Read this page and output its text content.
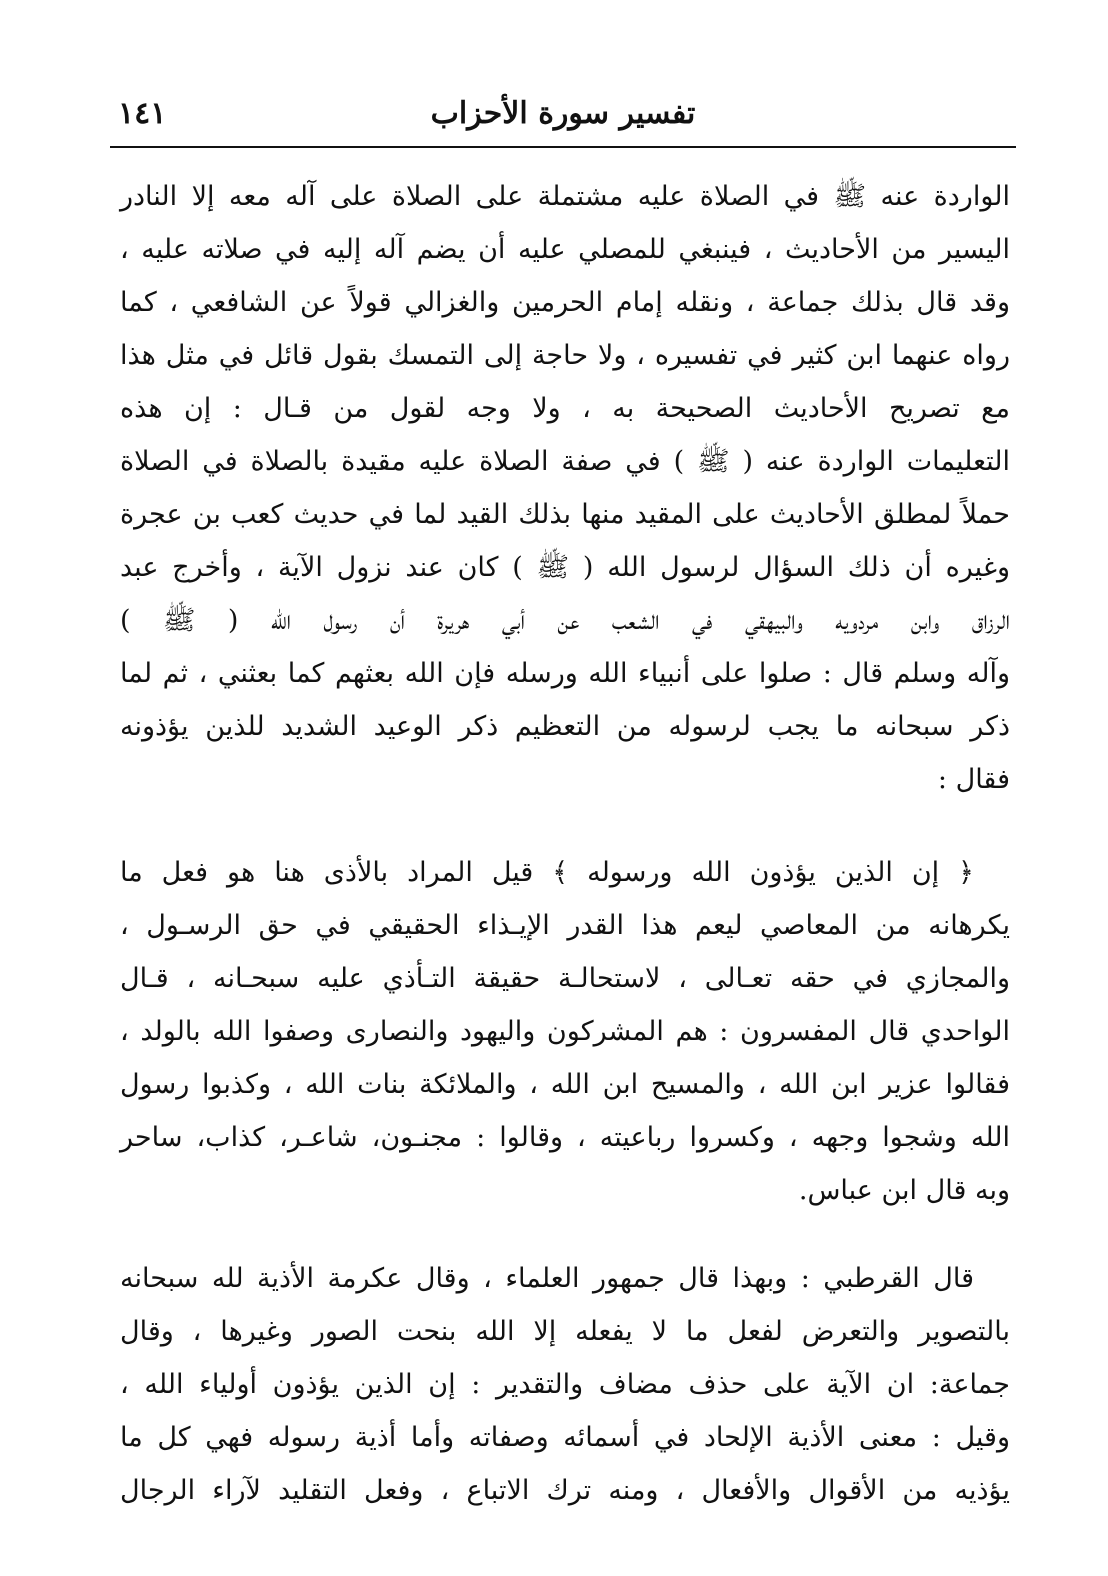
تفسير سورة الأحزاب
١٤١
الواردة عنه ﷺ في الصلاة عليه مشتملة على الصلاة على آله معه إلا النادر
اليسير من الأحاديث ، فينبغي للمصلي عليه أن يضم آله إليه في صلاته عليه ،
وقد قال بذلك جماعة ، ونقله إمام الحرمين والغزالي قولاً عن الشافعي ، كما
رواه عنهما ابن كثير في تفسيره ، ولا حاجة إلى التمسك بقول قائل في مثل هذا
مع تصريح الأحاديث الصحيحة به ، ولا وجه لقول من قـال : إن هذه
التعليمات الواردة عنه ( ﷺ ) في صفة الصلاة عليه مقيدة بالصلاة في الصلاة
حملاً لمطلق الأحاديث على المقيد منها بذلك القيد لما في حديث كعب بن عجرة
وغيره أن ذلك السؤال لرسول الله ( ﷺ ) كان عند نزول الآية ، وأخرج عبد
الرزاق وابن مردويه والبيهقي في الشعب عن أبي هريرة أن رسول الله ( ﷺ )
وآله وسلم قال : صلوا على أنبياء الله ورسله فإن الله بعثهم كما بعثني ، ثم لما
ذكر سبحانه ما يجب لرسوله من التعظيم ذكر الوعيد الشديد للذين يؤذونه
فقال :
﴿ إن الذين يؤذون الله ورسوله ﴾ قيل المراد بالأذى هنا هو فعل ما
يكرهانه من المعاصي ليعم هذا القدر الإيـذاء الحقيقي في حق الرسـول ،
والمجازي في حقه تعـالى ، لاستحالـة حقيقة التـأذي عليه سبحـانه ، قـال
الواحدي قال المفسرون : هم المشركون واليهود والنصارى وصفوا الله بالولد ،
فقالوا عزير ابن الله ، والمسيح ابن الله ، والملائكة بنات الله ، وكذبوا رسول
الله وشجوا وجهه ، وكسروا رباعيته ، وقالوا : مجنـون، شاعـر، كذاب، ساحر
وبه قال ابن عباس.
قال القرطبي : وبهذا قال جمهور العلماء ، وقال عكرمة الأذية لله سبحانه
بالتصوير والتعرض لفعل ما لا يفعله إلا الله بنحت الصور وغيرها ، وقال
جماعة: ان الآية على حذف مضاف والتقدير : إن الذين يؤذون أولياء الله ،
وقيل : معنى الأذية الإلحاد في أسمائه وصفاته وأما أذية رسوله فهي كل ما
يؤذيه من الأقوال والأفعال ، ومنه ترك الاتباع ، وفعل التقليد لآراء الرجال
